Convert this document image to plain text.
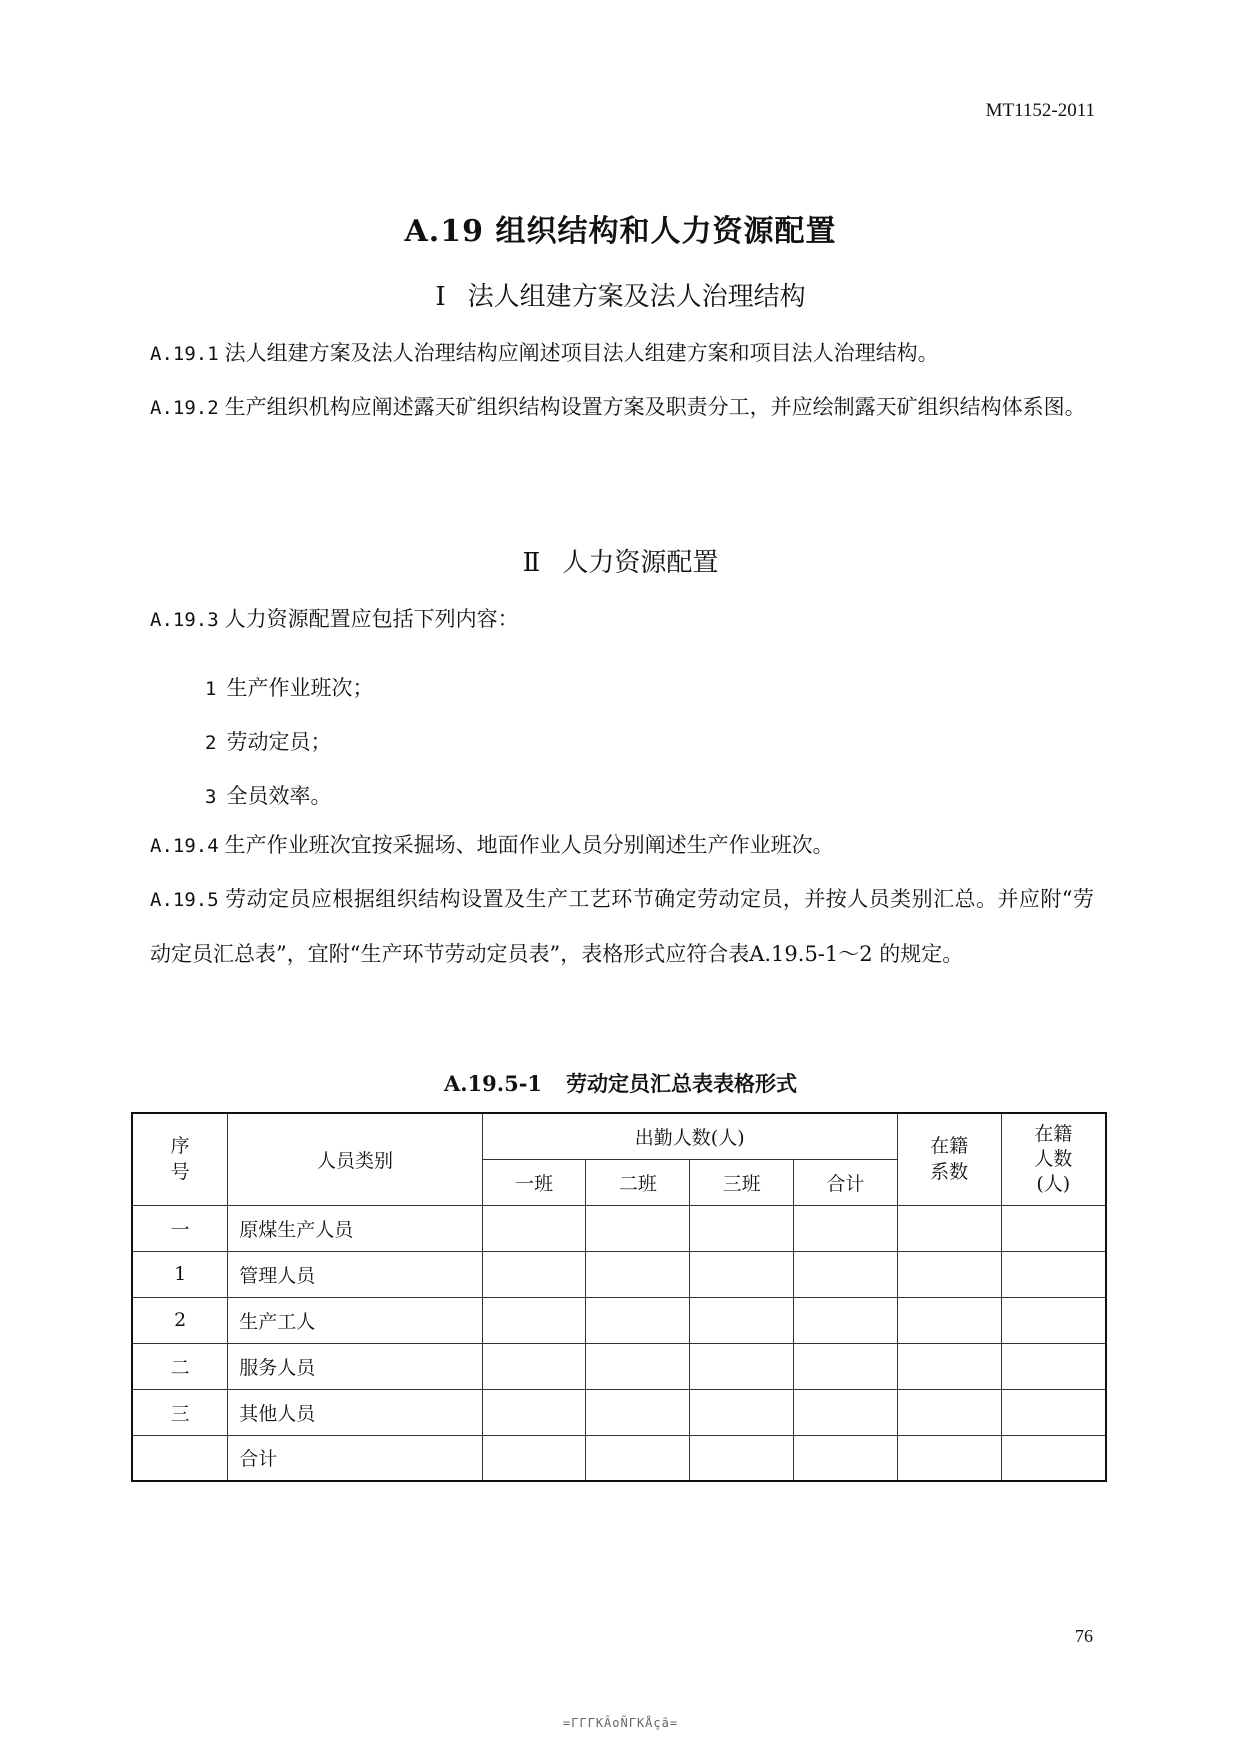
MT1152-2011
A.19 组织结构和人力资源配置
Ⅰ 法人组建方案及法人治理结构
A.19.1 法人组建方案及法人治理结构应阐述项目法人组建方案和项目法人治理结构。
A.19.2 生产组织机构应阐述露天矿组织结构设置方案及职责分工，并应绘制露天矿组织结构体系图。
Ⅱ 人力资源配置
A.19.3 人力资源配置应包括下列内容：
1 生产作业班次；
2 劳动定员；
3 全员效率。
A.19.4 生产作业班次宜按采掘场、地面作业人员分别阐述生产作业班次。
A.19.5 劳动定员应根据组织结构设置及生产工艺环节确定劳动定员，并按人员类别汇总。并应附“劳动定员汇总表”，宜附“生产环节劳动定员表”，表格形式应符合表A.19.5-1～2 的规定。
A.19.5-1 劳动定员汇总表表格形式
序号	人员类别	出勤人数(人)				在籍系数	在籍人数(人)

		一班	二班	三班	合计		
一	原煤生产人员						
1	管理人员						
2	生产工人						
二	服务人员						
三	其他人员						
	合计						
76
=ΓΓΓKÃoÑΓKÅçã=
